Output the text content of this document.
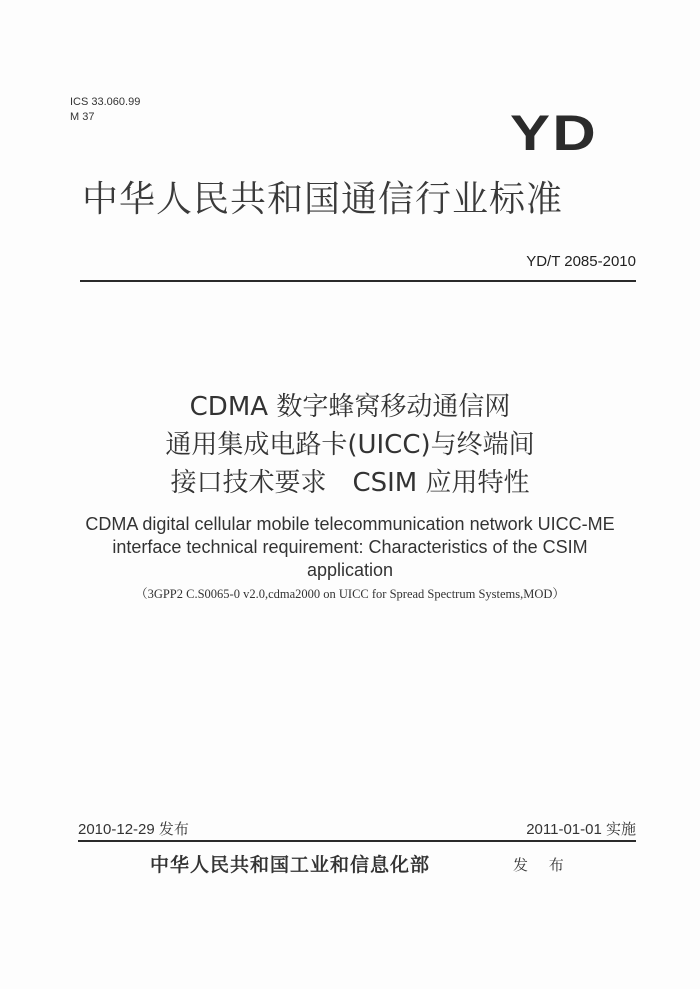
ICS 33.060.99
M 37	YD
中华人民共和国通信行业标准
YD/T 2085-2010
CDMA 数字蜂窝移动通信网
通用集成电路卡(UICC)与终端间
接口技术要求　CSIM 应用特性
CDMA digital cellular mobile telecommunication network UICC-ME
interface technical requirement: Characteristics of the CSIM
application
（3GPP2 C.S0065-0 v2.0,cdma2000 on UICC for Spread Spectrum Systems,MOD）
2010-12-29 发布	2011-01-01 实施
中华人民共和国工业和信息化部	发 布
